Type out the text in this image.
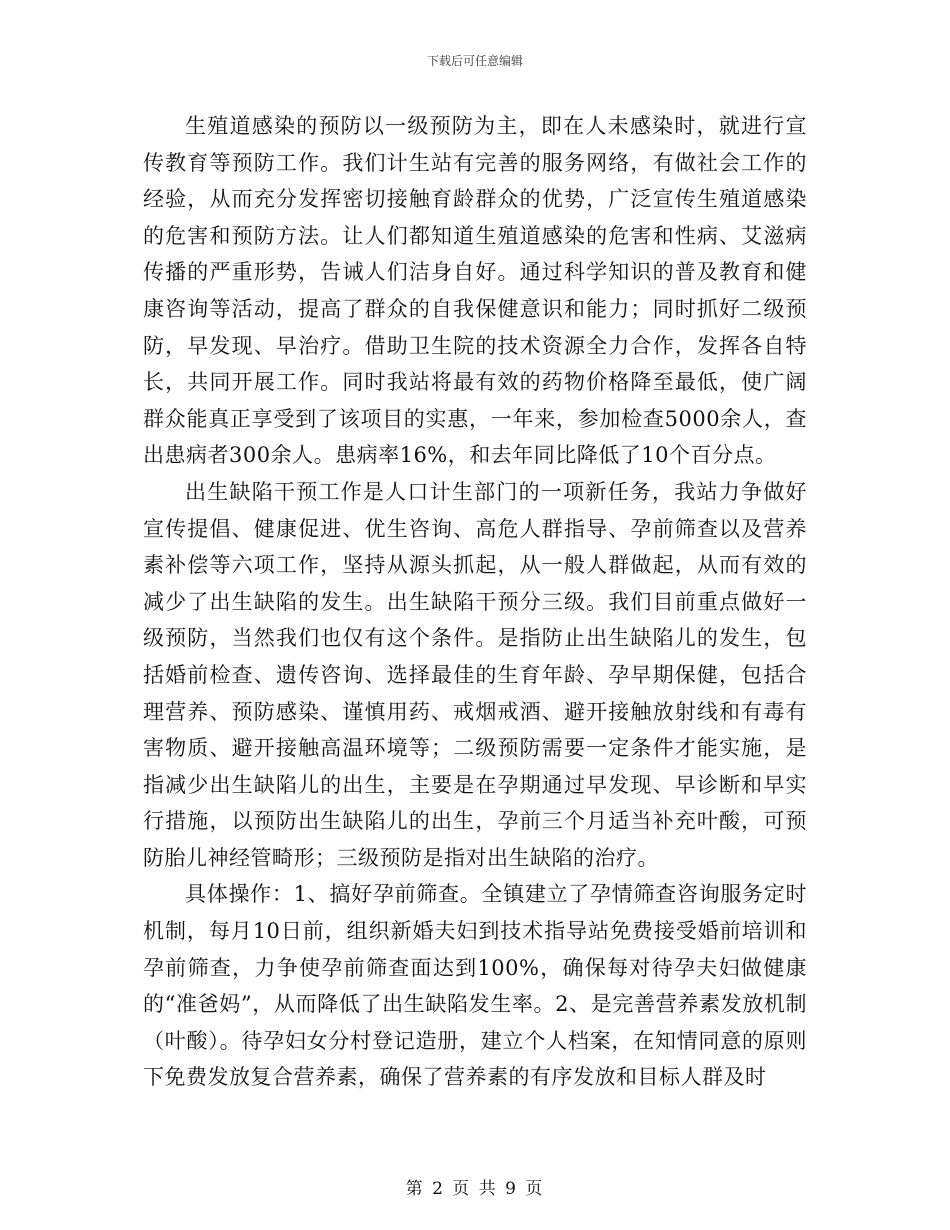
下载后可任意编辑

生殖道感染的预防以一级预防为主，即在人未感染时，就进行宣传教育等预防工作。我们计生站有完善的服务网络，有做社会工作的经验，从而充分发挥密切接触育龄群众的优势，广泛宣传生殖道感染的危害和预防方法。让人们都知道生殖道感染的危害和性病、艾滋病传播的严重形势，告诫人们洁身自好。通过科学知识的普及教育和健康咨询等活动，提高了群众的自我保健意识和能力；同时抓好二级预防，早发现、早治疗。借助卫生院的技术资源全力合作，发挥各自特长，共同开展工作。同时我站将最有效的药物价格降至最低，使广阔群众能真正享受到了该项目的实惠，一年来，参加检查5000余人，查出患病者300余人。患病率16%，和去年同比降低了10个百分点。

出生缺陷干预工作是人口计生部门的一项新任务，我站力争做好宣传提倡、健康促进、优生咨询、高危人群指导、孕前筛查以及营养素补偿等六项工作，坚持从源头抓起，从一般人群做起，从而有效的减少了出生缺陷的发生。出生缺陷干预分三级。我们目前重点做好一级预防，当然我们也仅有这个条件。是指防止出生缺陷儿的发生，包括婚前检查、遗传咨询、选择最佳的生育年龄、孕早期保健，包括合理营养、预防感染、谨慎用药、戒烟戒酒、避开接触放射线和有毒有害物质、避开接触高温环境等；二级预防需要一定条件才能实施，是指减少出生缺陷儿的出生，主要是在孕期通过早发现、早诊断和早实行措施，以预防出生缺陷儿的出生，孕前三个月适当补充叶酸，可预防胎儿神经管畸形；三级预防是指对出生缺陷的治疗。

具体操作：1、搞好孕前筛查。全镇建立了孕情筛查咨询服务定时机制，每月10日前，组织新婚夫妇到技术指导站免费接受婚前培训和孕前筛查，力争使孕前筛查面达到100%，确保每对待孕夫妇做健康的“准爸妈”，从而降低了出生缺陷发生率。2、是完善营养素发放机制（叶酸）。待孕妇女分村登记造册，建立个人档案，在知情同意的原则下免费发放复合营养素，确保了营养素的有序发放和目标人群及时

第 2 页 共 9 页
